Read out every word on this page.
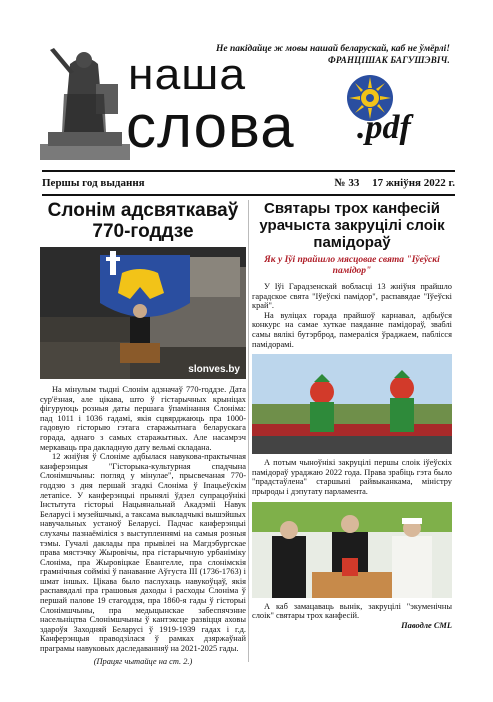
Не пакідайце ж мовы нашай беларускай, каб не ўмёрлі!
ФРАНЦІШАК БАГУШЭВІЧ.
наша
слова .pdf
Першы год выдання	№ 33 17 жніўня 2022 г.
Слонім адсвяткаваў 770-годдзе
slonves.by

На мінулым тыдні Слонім адзначаў 770-годдзе. Дата сур'ёзная, але цікава, што ў гістарычных крыніцах фігуруюць розныя даты першага ўпамінання Слоніма: пад 1011 і 1036 гадамі, якія сцвярджаюць пра 1000-гадовую гісторыю гэтага старажытнага беларускага горада, аднаго з самых старажытных. Але насамрэч меркаваць пра дакладную дату вельмі складана.

12 жніўня ў Слоніме адбылася навукова-практычная канферэнцыя "Гісторыка-культурная спадчына Слонімшчыны: погляд у мінулае", прысвечаная 770-годдзю з дня першай згадкі Слоніма ў Іпацьеўскім летапісе. У канферэнцыі прынялі ўдзел супрацоўнікі Інстытута гісторыі Нацыянальнай Акадэміі Навук Беларусі і музейшчыкі, а таксама выкладчыкі вышэйшых навучальных устаноў Беларусі. Падчас канферэнцыі слухачы пазнаёміліся з выступленнямі на самыя розныя тэмы. Гучалі даклады пра прывілеі на Магдэбургскае права мястэчку Жыровічы, пра гістарычную урбаніміку Слоніма, пра Жыровіцкае Евангелле, пра слонімскія грамнічныя соймікі ў панаванне Аўгуста III (1736-1763) і шмат іншых. Цікава было паслухаць навукоўцаў, якія распавядалі пра грашовыя даходы і расходы Слоніма ў першай палове 19 стагоддзя, пра 1860-я гады ў гісторыі Слонімшчыны, пра медыцынскае забеспячэнне насельніцтва Слонімшчыны ў кантэксце развіцця аховы здароўя Заходняй Беларусі ў 1919-1939 гадах і г.д. Канферэнцыя праводзілася ў рамках дзяржаўнай праграмы навуковых даследаванняў на 2021-2025 гады.

(Працяг чытайце на ст. 2.)
Святары трох канфесій урачыста закруцілі слоік памідораў
Як у Іўі прайшло мясцовае свята "Іўеўскі памідор"

У Іўі Гарадзенскай вобласці 13 жніўня прайшло гарадское свята "Іўеўскі памідор", распавядае "Іўеўскі край".

На вуліцах горада прайшоў карнавал, адбыўся конкурс на самае хуткае паяданне памідораў, зваблі самы вялікі бутэрброд, памераліся ўраджаем, паблісся памідорамі.

А потым чыноўнікі закруцілі першы слоік іўеўскіх памідораў ураджаю 2022 года. Права зрабіць гэта было "прадстаўлена" старшыні райвыканкама, міністру прыроды і дэпутату парламента.

А каб замацаваць вынік, закруцілі "экуменічны слоік" святары трох канфесій.

Паводле CML
